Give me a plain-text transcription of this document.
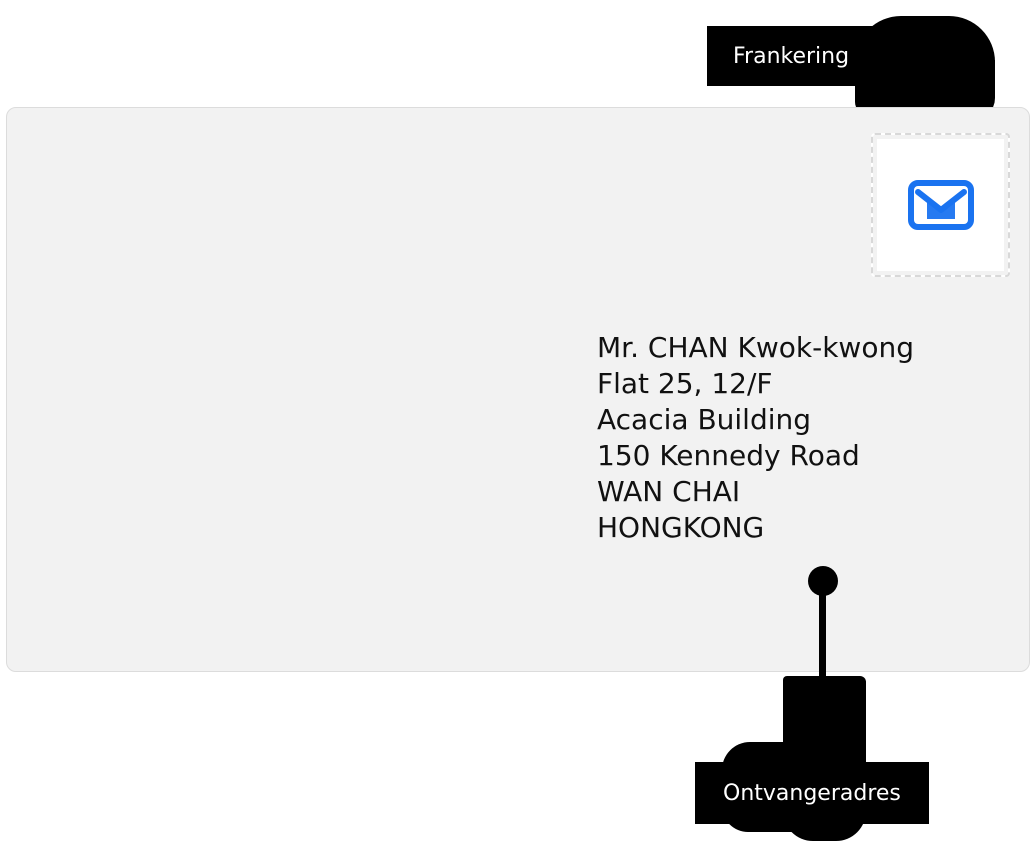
Frankering
Mr. CHAN Kwok-kwong
Flat 25, 12/F
Acacia Building
150 Kennedy Road
WAN CHAI
HONGKONG
Ontvangeradres
